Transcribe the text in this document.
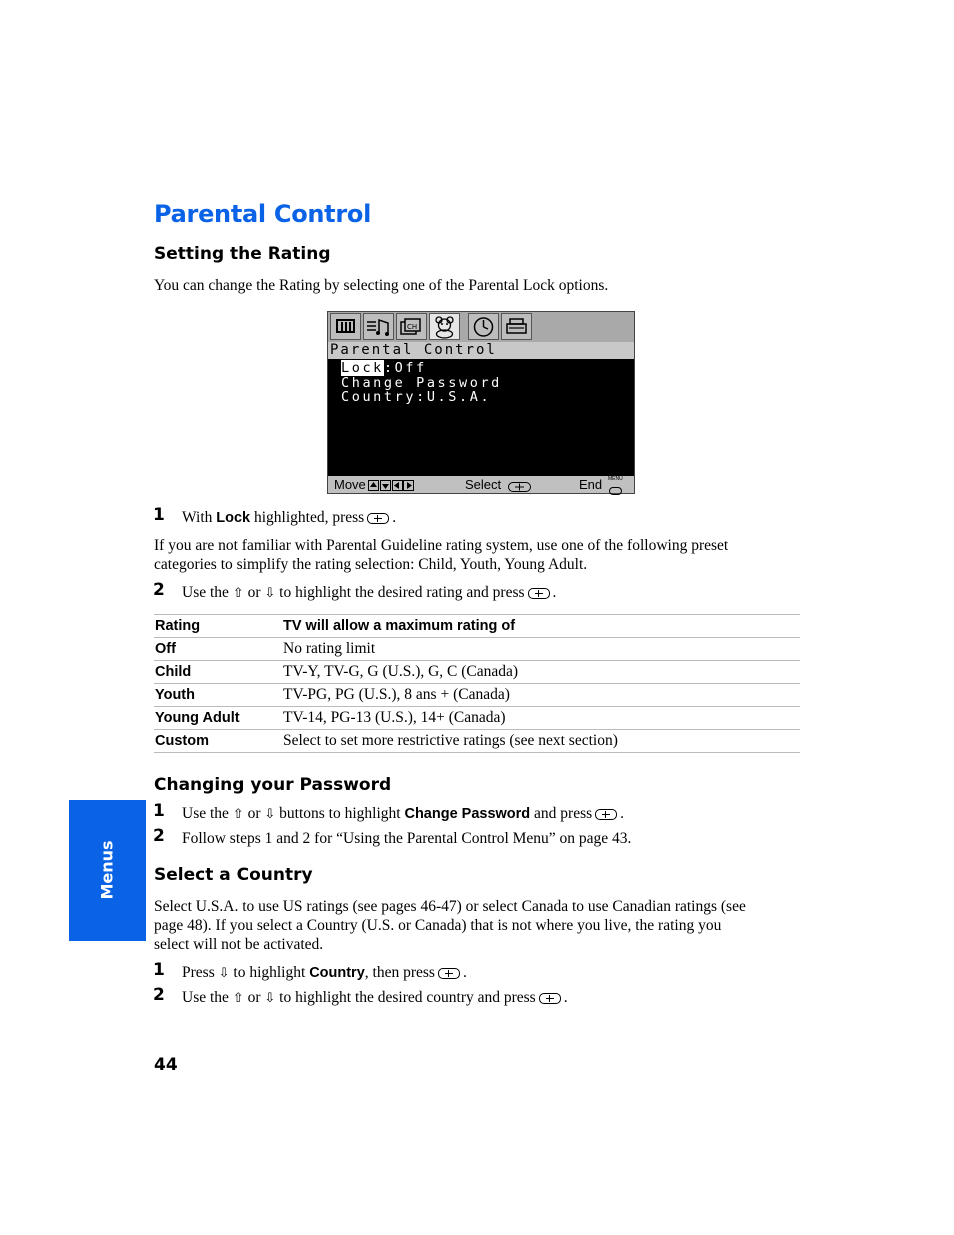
Parental Control
Setting the Rating
You can change the Rating by selecting one of the Parental Lock options.
CH
Parental Control
Lock:Off
Change Password
Country:U.S.A.
Move	Select	End MENU
1 With Lock highlighted, press .
If you are not familiar with Parental Guideline rating system, use one of the following preset
categories to simplify the rating selection: Child, Youth, Young Adult.
2 Use the ⇧ or ⇩ to highlight the desired rating and press .
Rating	TV will allow a maximum rating of
Off	No rating limit
Child	TV-Y, TV-G, G (U.S.), G, C (Canada)
Youth	TV-PG, PG (U.S.), 8 ans + (Canada)
Young Adult	TV-14, PG-13 (U.S.), 14+ (Canada)
Custom	Select to set more restrictive ratings (see next section)
Changing your Password
1 Use the ⇧ or ⇩ buttons to highlight Change Password and press .
2 Follow steps 1 and 2 for “Using the Parental Control Menu” on page 43.
Select a Country
Select U.S.A. to use US ratings (see pages 46-47) or select Canada to use Canadian ratings (see
page 48). If you select a Country (U.S. or Canada) that is not where you live, the rating you
select will not be activated.
1 Press ⇩ to highlight Country, then press .
2 Use the ⇧ or ⇩ to highlight the desired country and press .
Menus
44
